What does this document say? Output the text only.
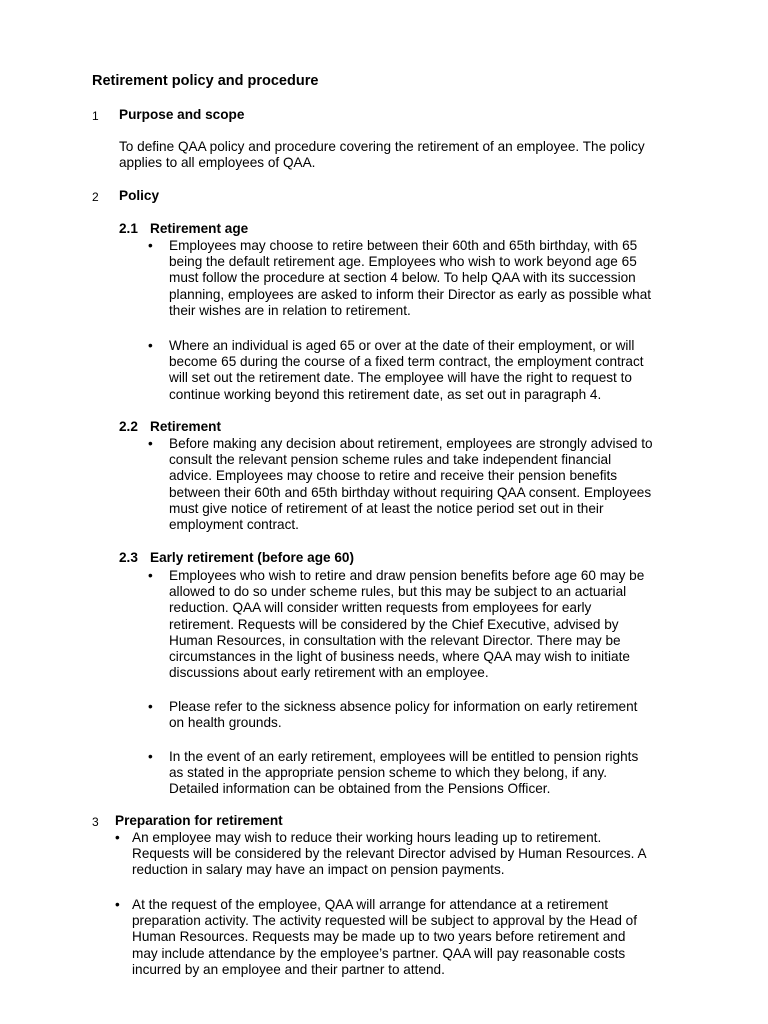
Retirement policy and procedure
1 Purpose and scope
To define QAA policy and procedure covering the retirement of an employee. The policy
applies to all employees of QAA.
2 Policy
2.1 Retirement age
• Employees may choose to retire between their 60th and 65th birthday, with 65
being the default retirement age. Employees who wish to work beyond age 65
must follow the procedure at section 4 below. To help QAA with its succession
planning, employees are asked to inform their Director as early as possible what
their wishes are in relation to retirement.
• Where an individual is aged 65 or over at the date of their employment, or will
become 65 during the course of a fixed term contract, the employment contract
will set out the retirement date. The employee will have the right to request to
continue working beyond this retirement date, as set out in paragraph 4.
2.2 Retirement
• Before making any decision about retirement, employees are strongly advised to
consult the relevant pension scheme rules and take independent financial
advice. Employees may choose to retire and receive their pension benefits
between their 60th and 65th birthday without requiring QAA consent. Employees
must give notice of retirement of at least the notice period set out in their
employment contract.
2.3 Early retirement (before age 60)
• Employees who wish to retire and draw pension benefits before age 60 may be
allowed to do so under scheme rules, but this may be subject to an actuarial
reduction. QAA will consider written requests from employees for early
retirement. Requests will be considered by the Chief Executive, advised by
Human Resources, in consultation with the relevant Director. There may be
circumstances in the light of business needs, where QAA may wish to initiate
discussions about early retirement with an employee.
• Please refer to the sickness absence policy for information on early retirement
on health grounds.
• In the event of an early retirement, employees will be entitled to pension rights
as stated in the appropriate pension scheme to which they belong, if any.
Detailed information can be obtained from the Pensions Officer.
3 Preparation for retirement
• An employee may wish to reduce their working hours leading up to retirement.
Requests will be considered by the relevant Director advised by Human Resources. A
reduction in salary may have an impact on pension payments.
• At the request of the employee, QAA will arrange for attendance at a retirement
preparation activity. The activity requested will be subject to approval by the Head of
Human Resources. Requests may be made up to two years before retirement and
may include attendance by the employee’s partner. QAA will pay reasonable costs
incurred by an employee and their partner to attend.
